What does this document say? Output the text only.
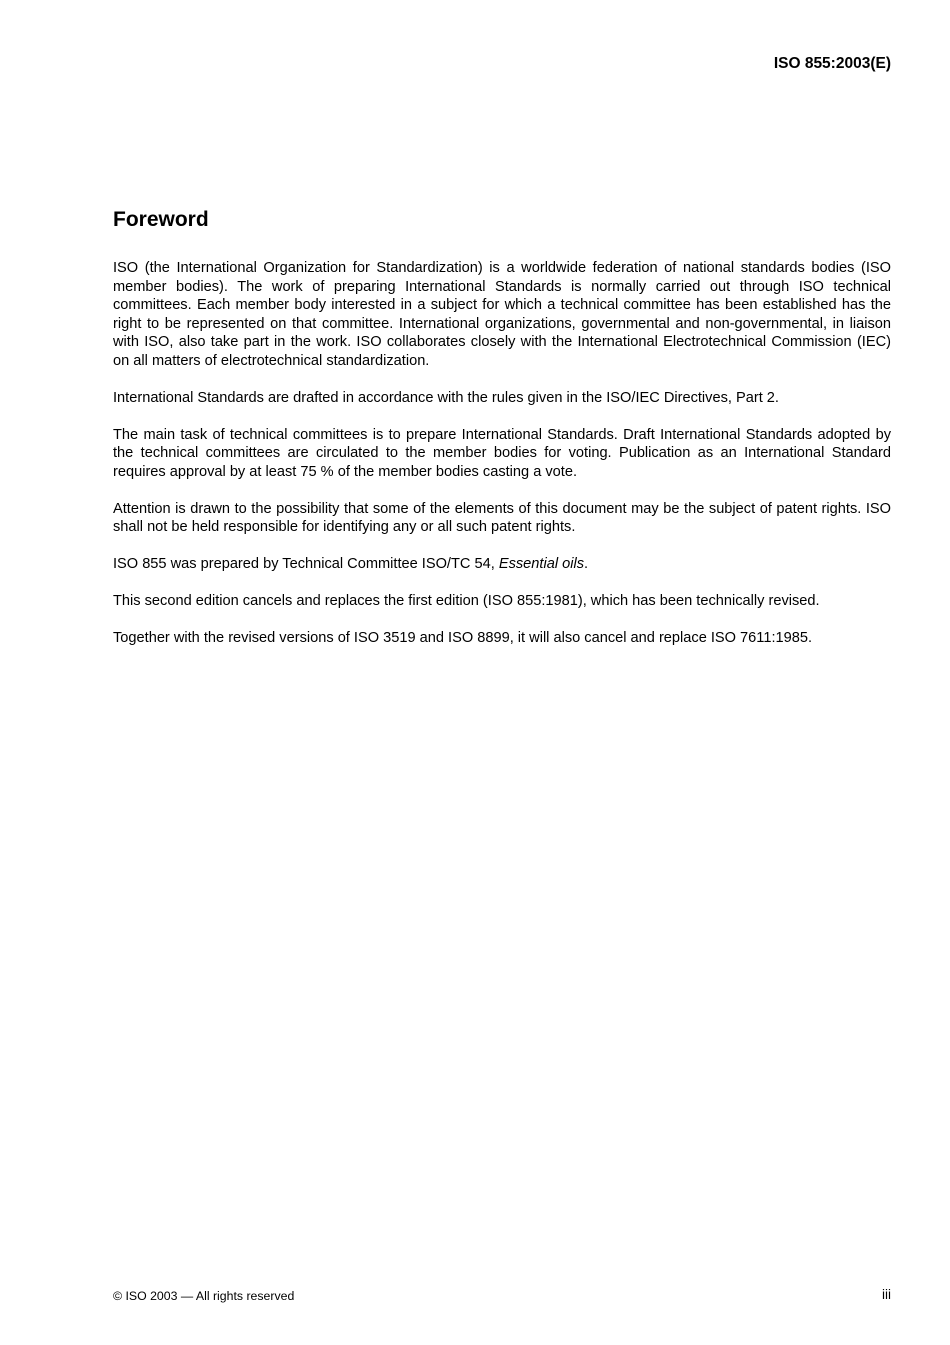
ISO 855:2003(E)
Foreword

ISO (the International Organization for Standardization) is a worldwide federation of national standards bodies (ISO member bodies). The work of preparing International Standards is normally carried out through ISO technical committees. Each member body interested in a subject for which a technical committee has been established has the right to be represented on that committee. International organizations, governmental and non-governmental, in liaison with ISO, also take part in the work. ISO collaborates closely with the International Electrotechnical Commission (IEC) on all matters of electrotechnical standardization.

International Standards are drafted in accordance with the rules given in the ISO/IEC Directives, Part 2.

The main task of technical committees is to prepare International Standards. Draft International Standards adopted by the technical committees are circulated to the member bodies for voting. Publication as an International Standard requires approval by at least 75 % of the member bodies casting a vote.

Attention is drawn to the possibility that some of the elements of this document may be the subject of patent rights. ISO shall not be held responsible for identifying any or all such patent rights.

ISO 855 was prepared by Technical Committee ISO/TC 54, Essential oils.

This second edition cancels and replaces the first edition (ISO 855:1981), which has been technically revised.

Together with the revised versions of ISO 3519 and ISO 8899, it will also cancel and replace ISO 7611:1985.

© ISO 2003 — All rights reserved	iii
